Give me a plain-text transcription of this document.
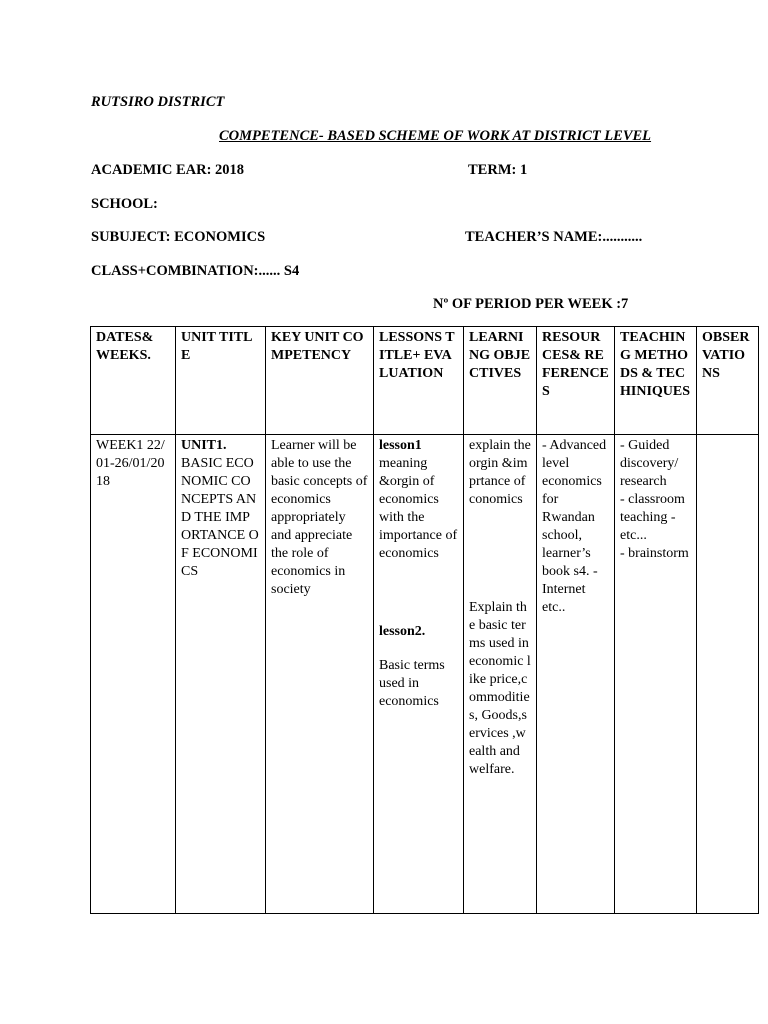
RUTSIRO DISTRICT
COMPETENCE- BASED SCHEME OF WORK AT DISTRICT LEVEL
ACADEMIC EAR: 2018	TERM: 1
SCHOOL:
SUBUJECT: ECONOMICS	TEACHER’S NAME:...........
CLASS+COMBINATION:...... S4
Nº OF PERIOD PER WEEK :7
DATES& WEEKS.	UNIT TITLE	KEY UNIT COMPETENCY	LESSONS TITLE+ EVALUATION	LEARNING OBJECTIVES	RESOURCES& REFERENCES	TEACHING METHODS & TECHINIQUES	OBSERVATIONS
WEEK1 22/01-26/01/2018	UNIT1.
BASIC ECONOMIC CONCEPTS AND THE IMPORTANCE OF ECONOMICS	Learner will be able to use the basic concepts of economics appropriately and appreciate the role of economics in society	lesson1
meaning &orgin of economics with the importance of economics
lesson2.
Basic terms used in economics	explain the orgin &imprtance of conomics
Explain the basic terms used in economic like price,commodities, Goods,services ,wealth and welfare.	- Advanced level economics for Rwandan school, learner’s book s4. - Internet etc..	- Guided discovery/ research
- classroom teaching -etc...
- brainstorm	
